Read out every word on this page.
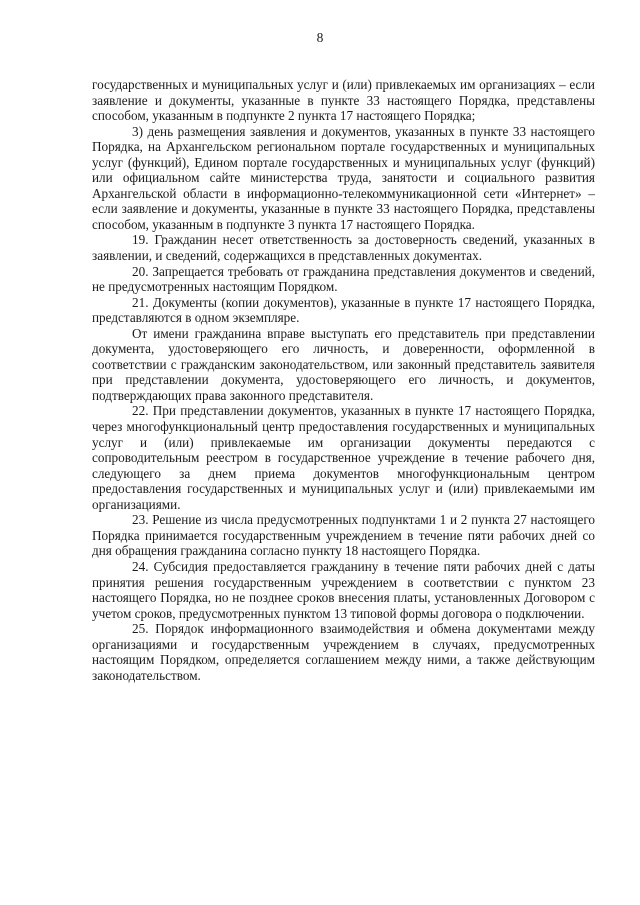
8

государственных и муниципальных услуг и (или) привлекаемых им организациях – если заявление и документы, указанные в пункте 33 настоящего Порядка, представлены способом, указанным в подпункте 2 пункта 17 настоящего Порядка;

3) день размещения заявления и документов, указанных в пункте 33 настоящего Порядка, на Архангельском региональном портале государственных и муниципальных услуг (функций), Едином портале государственных и муниципальных услуг (функций) или официальном сайте министерства труда, занятости и социального развития Архангельской области в информационно-телекоммуникационной сети «Интернет» – если заявление и документы, указанные в пункте 33 настоящего Порядка, представлены способом, указанным в подпункте 3 пункта 17 настоящего Порядка.

19. Гражданин несет ответственность за достоверность сведений, указанных в заявлении, и сведений, содержащихся в представленных документах.

20. Запрещается требовать от гражданина представления документов и сведений, не предусмотренных настоящим Порядком.

21. Документы (копии документов), указанные в пункте 17 настоящего Порядка, представляются в одном экземпляре.

От имени гражданина вправе выступать его представитель при представлении документа, удостоверяющего его личность, и доверенности, оформленной в соответствии с гражданским законодательством, или законный представитель заявителя при представлении документа, удостоверяющего его личность, и документов, подтверждающих права законного представителя.

22. При представлении документов, указанных в пункте 17 настоящего Порядка, через многофункциональный центр предоставления государственных и муниципальных услуг и (или) привлекаемые им организации документы передаются с сопроводительным реестром в государственное учреждение в течение рабочего дня, следующего за днем приема документов многофункциональным центром предоставления государственных и муниципальных услуг и (или) привлекаемыми им организациями.

23. Решение из числа предусмотренных подпунктами 1 и 2 пункта 27 настоящего Порядка принимается государственным учреждением в течение пяти рабочих дней со дня обращения гражданина согласно пункту 18 настоящего Порядка.

24. Субсидия предоставляется гражданину в течение пяти рабочих дней с даты принятия решения государственным учреждением в соответствии с пунктом 23 настоящего Порядка, но не позднее сроков внесения платы, установленных Договором с учетом сроков, предусмотренных пунктом 13 типовой формы договора о подключении.

25. Порядок информационного взаимодействия и обмена документами между организациями и государственным учреждением в случаях, предусмотренных настоящим Порядком, определяется соглашением между ними, а также действующим законодательством.
